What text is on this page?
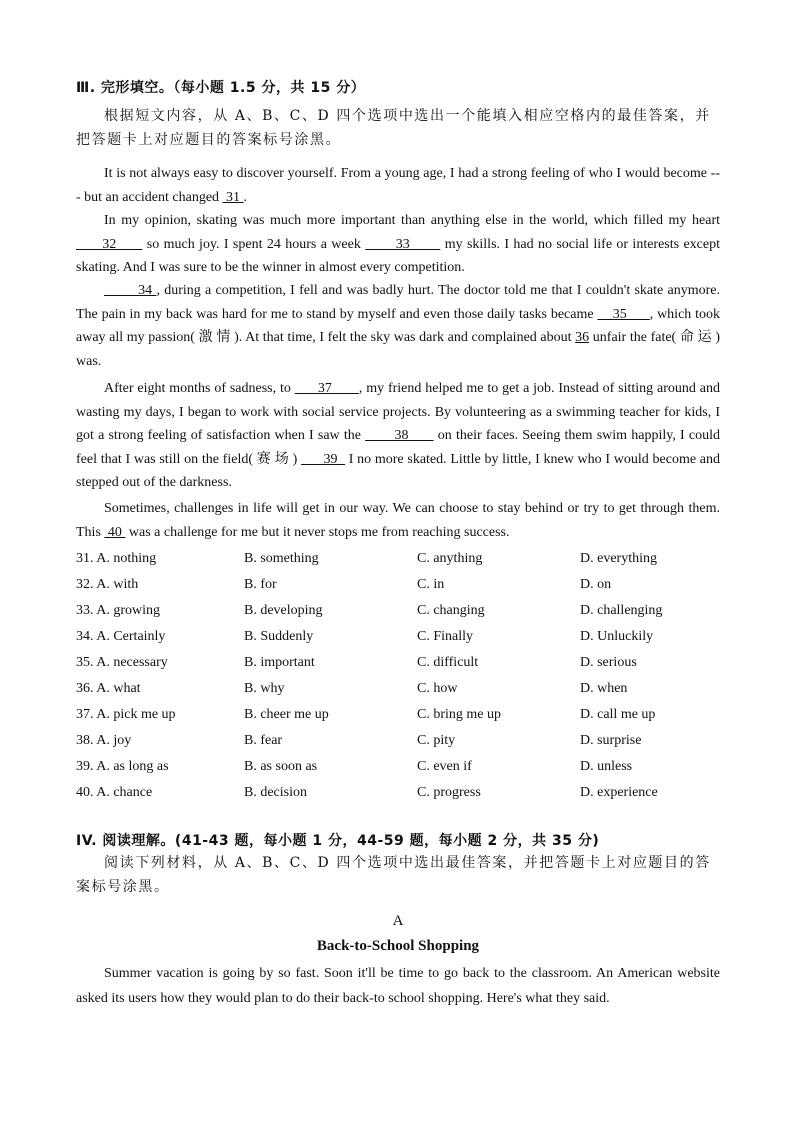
Ⅲ. 完形填空。（每小题 1.5 分，共 15 分）
根据短文内容，从 A、B、C、D 四个选项中选出一个能填入相应空格内的最佳答案，并把答题卡上对应题目的答案标号涂黑。
It is not always easy to discover yourself. From a young age, I had a strong feeling of who I would become --- but an accident changed  31 .
In my opinion, skating was much more important than anything else in the world, which filled my heart       32       so much joy. I spent 24 hours a week        33        my skills. I had no social life or interests except skating. And I was sure to be the winner in almost every competition.
34 , during a competition, I fell and was badly hurt. The doctor told me that I couldn't skate anymore. The pain in my back was hard for me to stand by myself and even those daily tasks became     35      , which took away all my passion( 激 情 ). At that time, I felt the sky was dark and complained about 36 unfair the fate( 命 运 ) was.
After eight months of sadness, to       37       , my friend helped me to get a job. Instead of sitting around and wasting my days, I began to work with social service projects. By volunteering as a swimming teacher for kids, I got a strong feeling of satisfaction when I saw the        38       on their faces. Seeing them swim happily, I could feel that I was still on the field( 赛 场 )       39   I no more skated. Little by little, I knew who I would become and stepped out of the darkness.
Sometimes, challenges in life will get in our way. We can choose to stay behind or try to get through them. This  40  was a challenge for me but it never stops me from reaching success.
31. A. nothing	B. something	C. anything	D. everything
32. A. with	B. for	C. in	D. on
33. A. growing	B. developing	C. changing	D. challenging
34. A. Certainly	B. Suddenly	C. Finally	D. Unluckily
35. A. necessary	B. important	C. difficult	D. serious
36. A. what	B. why	C. how	D. when
37. A. pick me up	B. cheer me up	C. bring me up	D. call me up
38. A. joy	B. fear	C. pity	D. surprise
39. A. as long as	B. as soon as	C. even if	D. unless
40. A. chance	B. decision	C. progress	D. experience
IV. 阅读理解。(41-43 题，每小题 1 分，44-59 题，每小题 2 分，共 35 分)
阅读下列材料，从 A、B、C、D 四个选项中选出最佳答案，并把答题卡上对应题目的答案标号涂黑。
A
Back-to-School Shopping
Summer vacation is going by so fast. Soon it'll be time to go back to the classroom. An American website asked its users how they would plan to do their back-to school shopping. Here's what they said.
